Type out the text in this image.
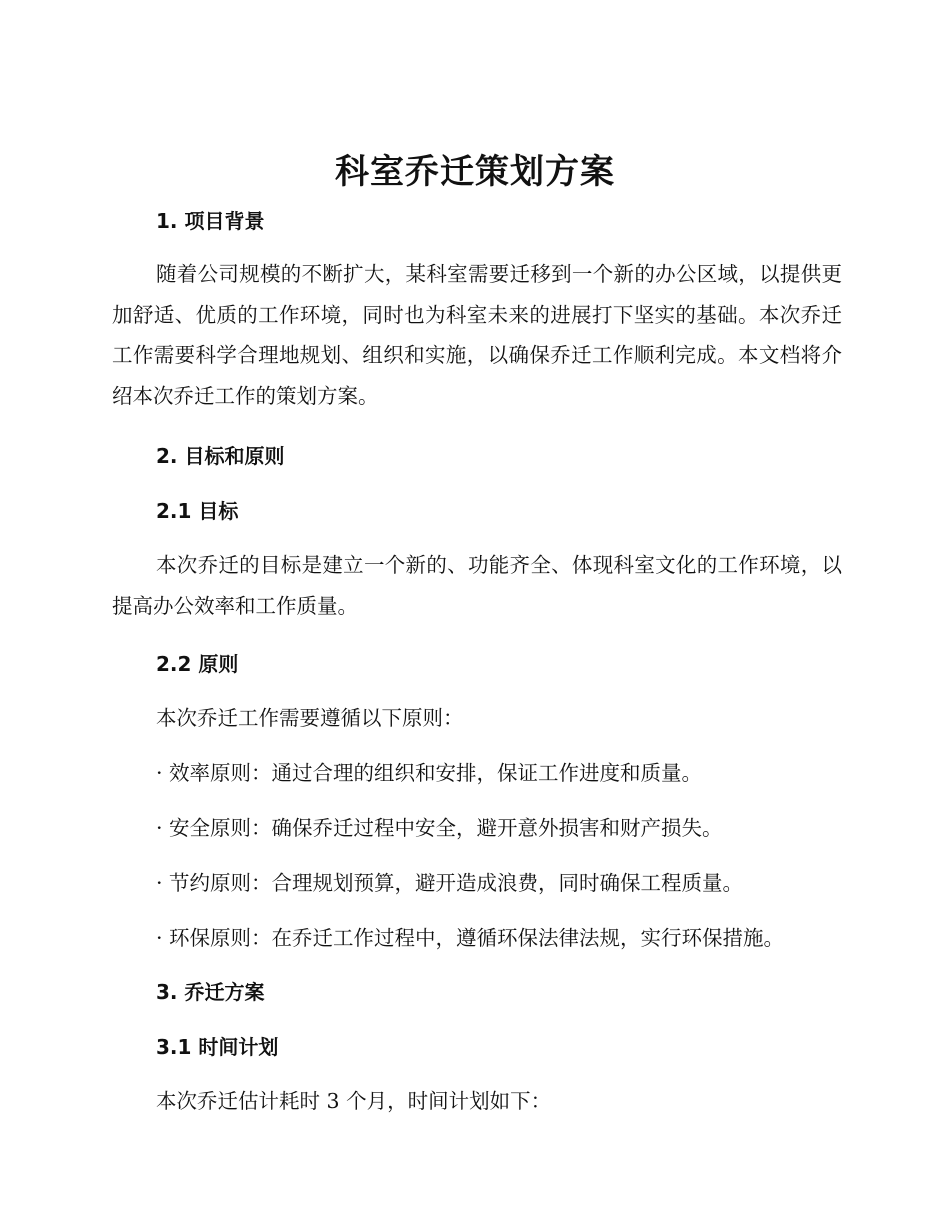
科室乔迁策划方案
1. 项目背景

随着公司规模的不断扩大，某科室需要迁移到一个新的办公区域，以提供更加舒适、优质的工作环境，同时也为科室未来的进展打下坚实的基础。本次乔迁工作需要科学合理地规划、组织和实施，以确保乔迁工作顺利完成。本文档将介绍本次乔迁工作的策划方案。

2. 目标和原则
2.1 目标

本次乔迁的目标是建立一个新的、功能齐全、体现科室文化的工作环境，以提高办公效率和工作质量。

2.2 原则

本次乔迁工作需要遵循以下原则：

· 效率原则：通过合理的组织和安排，保证工作进度和质量。

· 安全原则：确保乔迁过程中安全，避开意外损害和财产损失。

· 节约原则：合理规划预算，避开造成浪费，同时确保工程质量。

· 环保原则：在乔迁工作过程中，遵循环保法律法规，实行环保措施。

3. 乔迁方案
3.1 时间计划

本次乔迁估计耗时 3 个月，时间计划如下：
